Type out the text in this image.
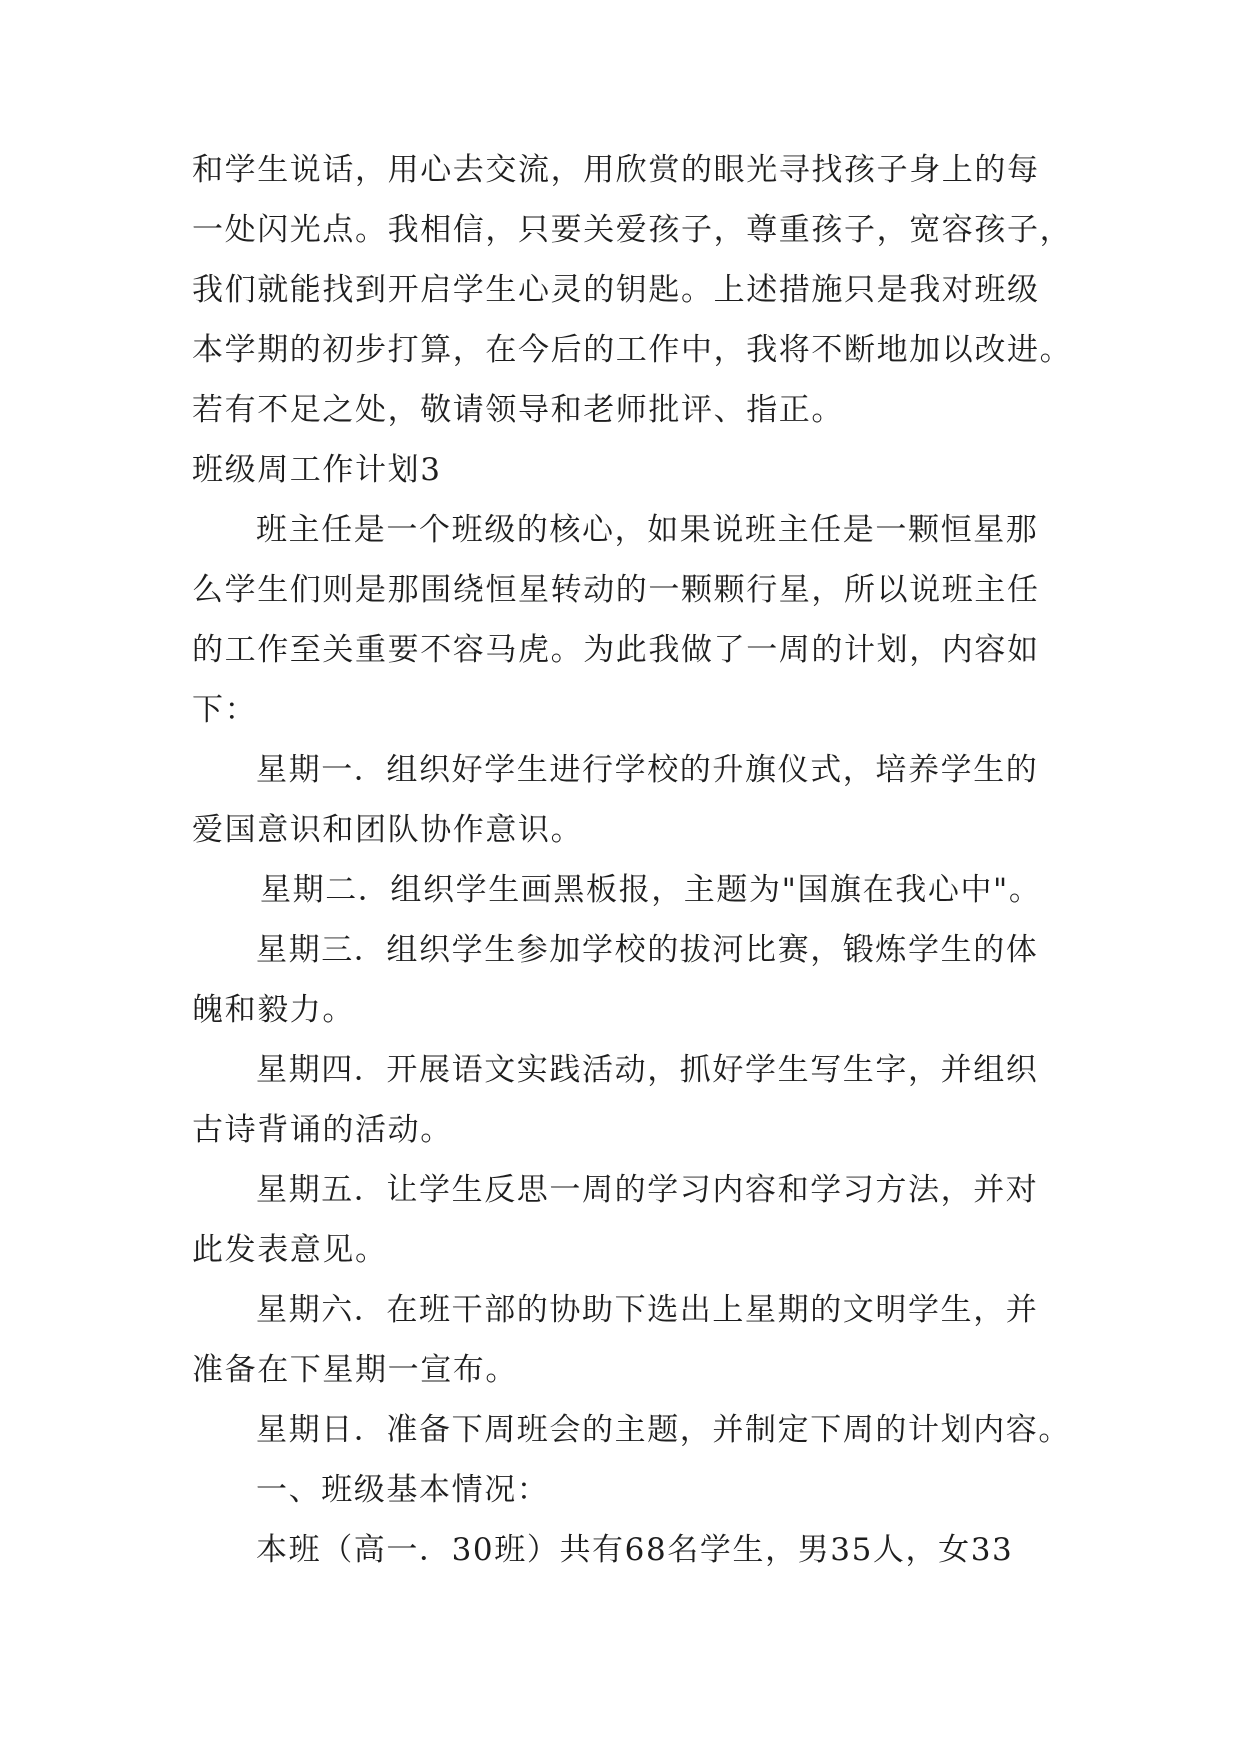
和学生说话，用心去交流，用欣赏的眼光寻找孩子身上的每
一处闪光点。我相信，只要关爱孩子，尊重孩子，宽容孩子，
我们就能找到开启学生心灵的钥匙。上述措施只是我对班级
本学期的初步打算，在今后的工作中，我将不断地加以改进。
若有不足之处，敬请领导和老师批评、指正。
班级周工作计划3
班主任是一个班级的核心，如果说班主任是一颗恒星那
么学生们则是那围绕恒星转动的一颗颗行星，所以说班主任
的工作至关重要不容马虎。为此我做了一周的计划，内容如
下：
星期一．组织好学生进行学校的升旗仪式，培养学生的
爱国意识和团队协作意识。
星期二．组织学生画黑板报，主题为"国旗在我心中"。
星期三．组织学生参加学校的拔河比赛，锻炼学生的体
魄和毅力。
星期四．开展语文实践活动，抓好学生写生字，并组织
古诗背诵的活动。
星期五．让学生反思一周的学习内容和学习方法，并对
此发表意见。
星期六．在班干部的协助下选出上星期的文明学生，并
准备在下星期一宣布。
星期日．准备下周班会的主题，并制定下周的计划内容。
一、班级基本情况：
本班（高一．30班）共有68名学生，男35人，女33
